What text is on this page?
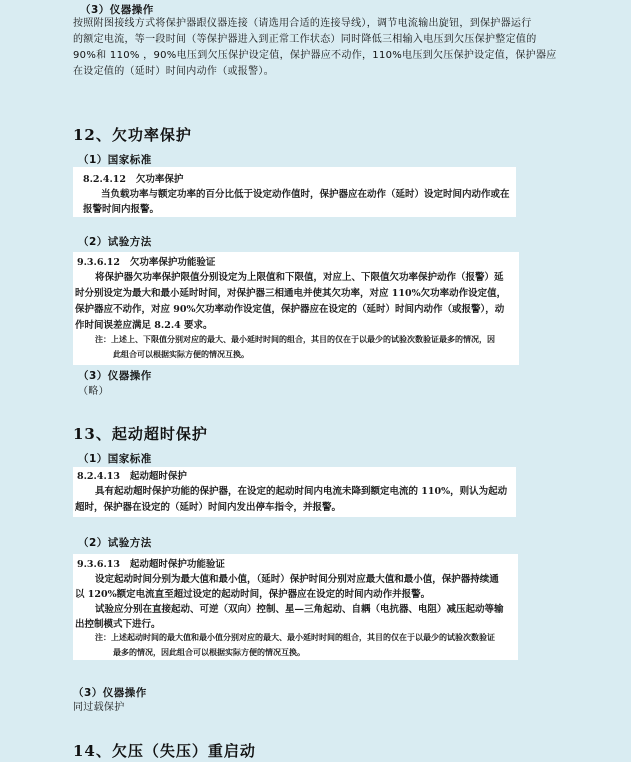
（3）仪器操作
按照附图接线方式将保护器跟仪器连接（请选用合适的连接导线），调节电流输出旋钮，到保护器运行
的额定电流，等一段时间（等保护器进入到正常工作状态）同时降低三相输入电压到欠压保护整定值的
90%和 110% ，90%电压到欠压保护设定值，保护器应不动作，110%电压到欠压保护设定值，保护器应
在设定值的（延时）时间内动作（或报警）。
12、欠功率保护
（1）国家标准
8.2.4.12 欠功率保护
当负载功率与额定功率的百分比低于设定动作值时，保护器应在动作（延时）设定时间内动作或在
报警时间内报警。
（2）试验方法
9.3.6.12 欠功率保护功能验证
将保护器欠功率保护限值分别设定为上限值和下限值，对应上、下限值欠功率保护动作（报警）延
时分别设定为最大和最小延时时间，对保护器三相通电并使其欠功率，对应 110%欠功率动作设定值，
保护器应不动作，对应 90%欠功率动作设定值，保护器应在设定的（延时）时间内动作（或报警），动
作时间误差应满足 8.2.4 要求。
注：上述上、下限值分别对应的最大、最小延时时间的组合，其目的仅在于以最少的试验次数验证最多的情况，因
此组合可以根据实际方便的情况互换。
（3）仪器操作
（略）
13、起动超时保护
（1）国家标准
8.2.4.13 起动超时保护
具有起动超时保护功能的保护器，在设定的起动时间内电流未降到额定电流的 110%，则认为起动
超时，保护器在设定的（延时）时间内发出停车指令，并报警。
（2）试验方法
9.3.6.13 起动超时保护功能验证
设定起动时间分别为最大值和最小值，（延时）保护时间分别对应最大值和最小值，保护器持续通
以 120%额定电流直至超过设定的起动时间，保护器应在设定的时间内动作并报警。
试验应分别在直接起动、可逆（双向）控制、星—三角起动、自耦（电抗器、电阻）减压起动等输
出控制模式下进行。
注：上述起动时间的最大值和最小值分别对应的最大、最小延时时间的组合，其目的仅在于以最少的试验次数验证
最多的情况，因此组合可以根据实际方便的情况互换。
（3）仪器操作
同过载保护
14、欠压（失压）重启动
